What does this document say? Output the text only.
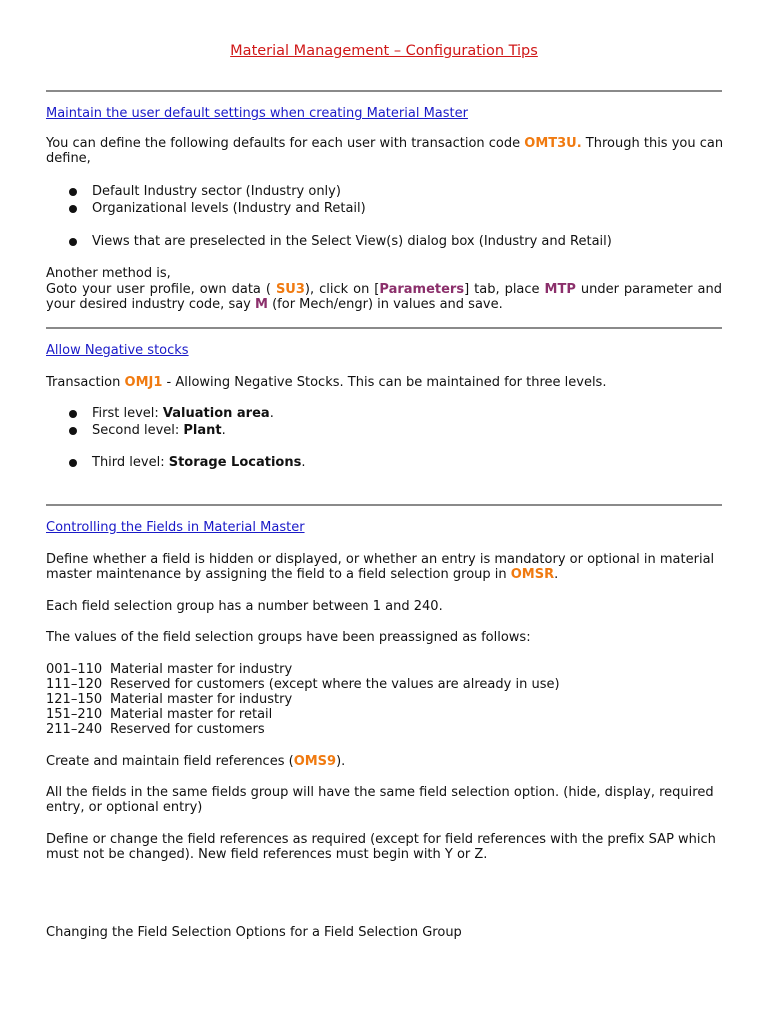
Material Management – Configuration Tips
Maintain the user default settings when creating Material Master
You can define the following defaults for each user with transaction code OMT3U. Through this you can
define,
Default Industry sector (Industry only)
Organizational levels (Industry and Retail)
Views that are preselected in the Select View(s) dialog box (Industry and Retail)
Another method is,
Goto your user profile, own data ( SU3), click on [Parameters] tab, place MTP under parameter and
your desired industry code, say M (for Mech/engr) in values and save.
Allow Negative stocks
Transaction OMJ1 - Allowing Negative Stocks. This can be maintained for three levels.
First level: Valuation area.
Second level: Plant.
Third level: Storage Locations.
Controlling the Fields in Material Master
Define whether a field is hidden or displayed, or whether an entry is mandatory or optional in material
master maintenance by assigning the field to a field selection group in OMSR.
Each field selection group has a number between 1 and 240.
The values of the field selection groups have been preassigned as follows:
001–110 Material master for industry
111–120 Reserved for customers (except where the values are already in use)
121–150 Material master for industry
151–210 Material master for retail
211–240 Reserved for customers
Create and maintain field references (OMS9).
All the fields in the same fields group will have the same field selection option. (hide, display, required
entry, or optional entry)
Define or change the field references as required (except for field references with the prefix SAP which
must not be changed). New field references must begin with Y or Z.
Changing the Field Selection Options for a Field Selection Group
